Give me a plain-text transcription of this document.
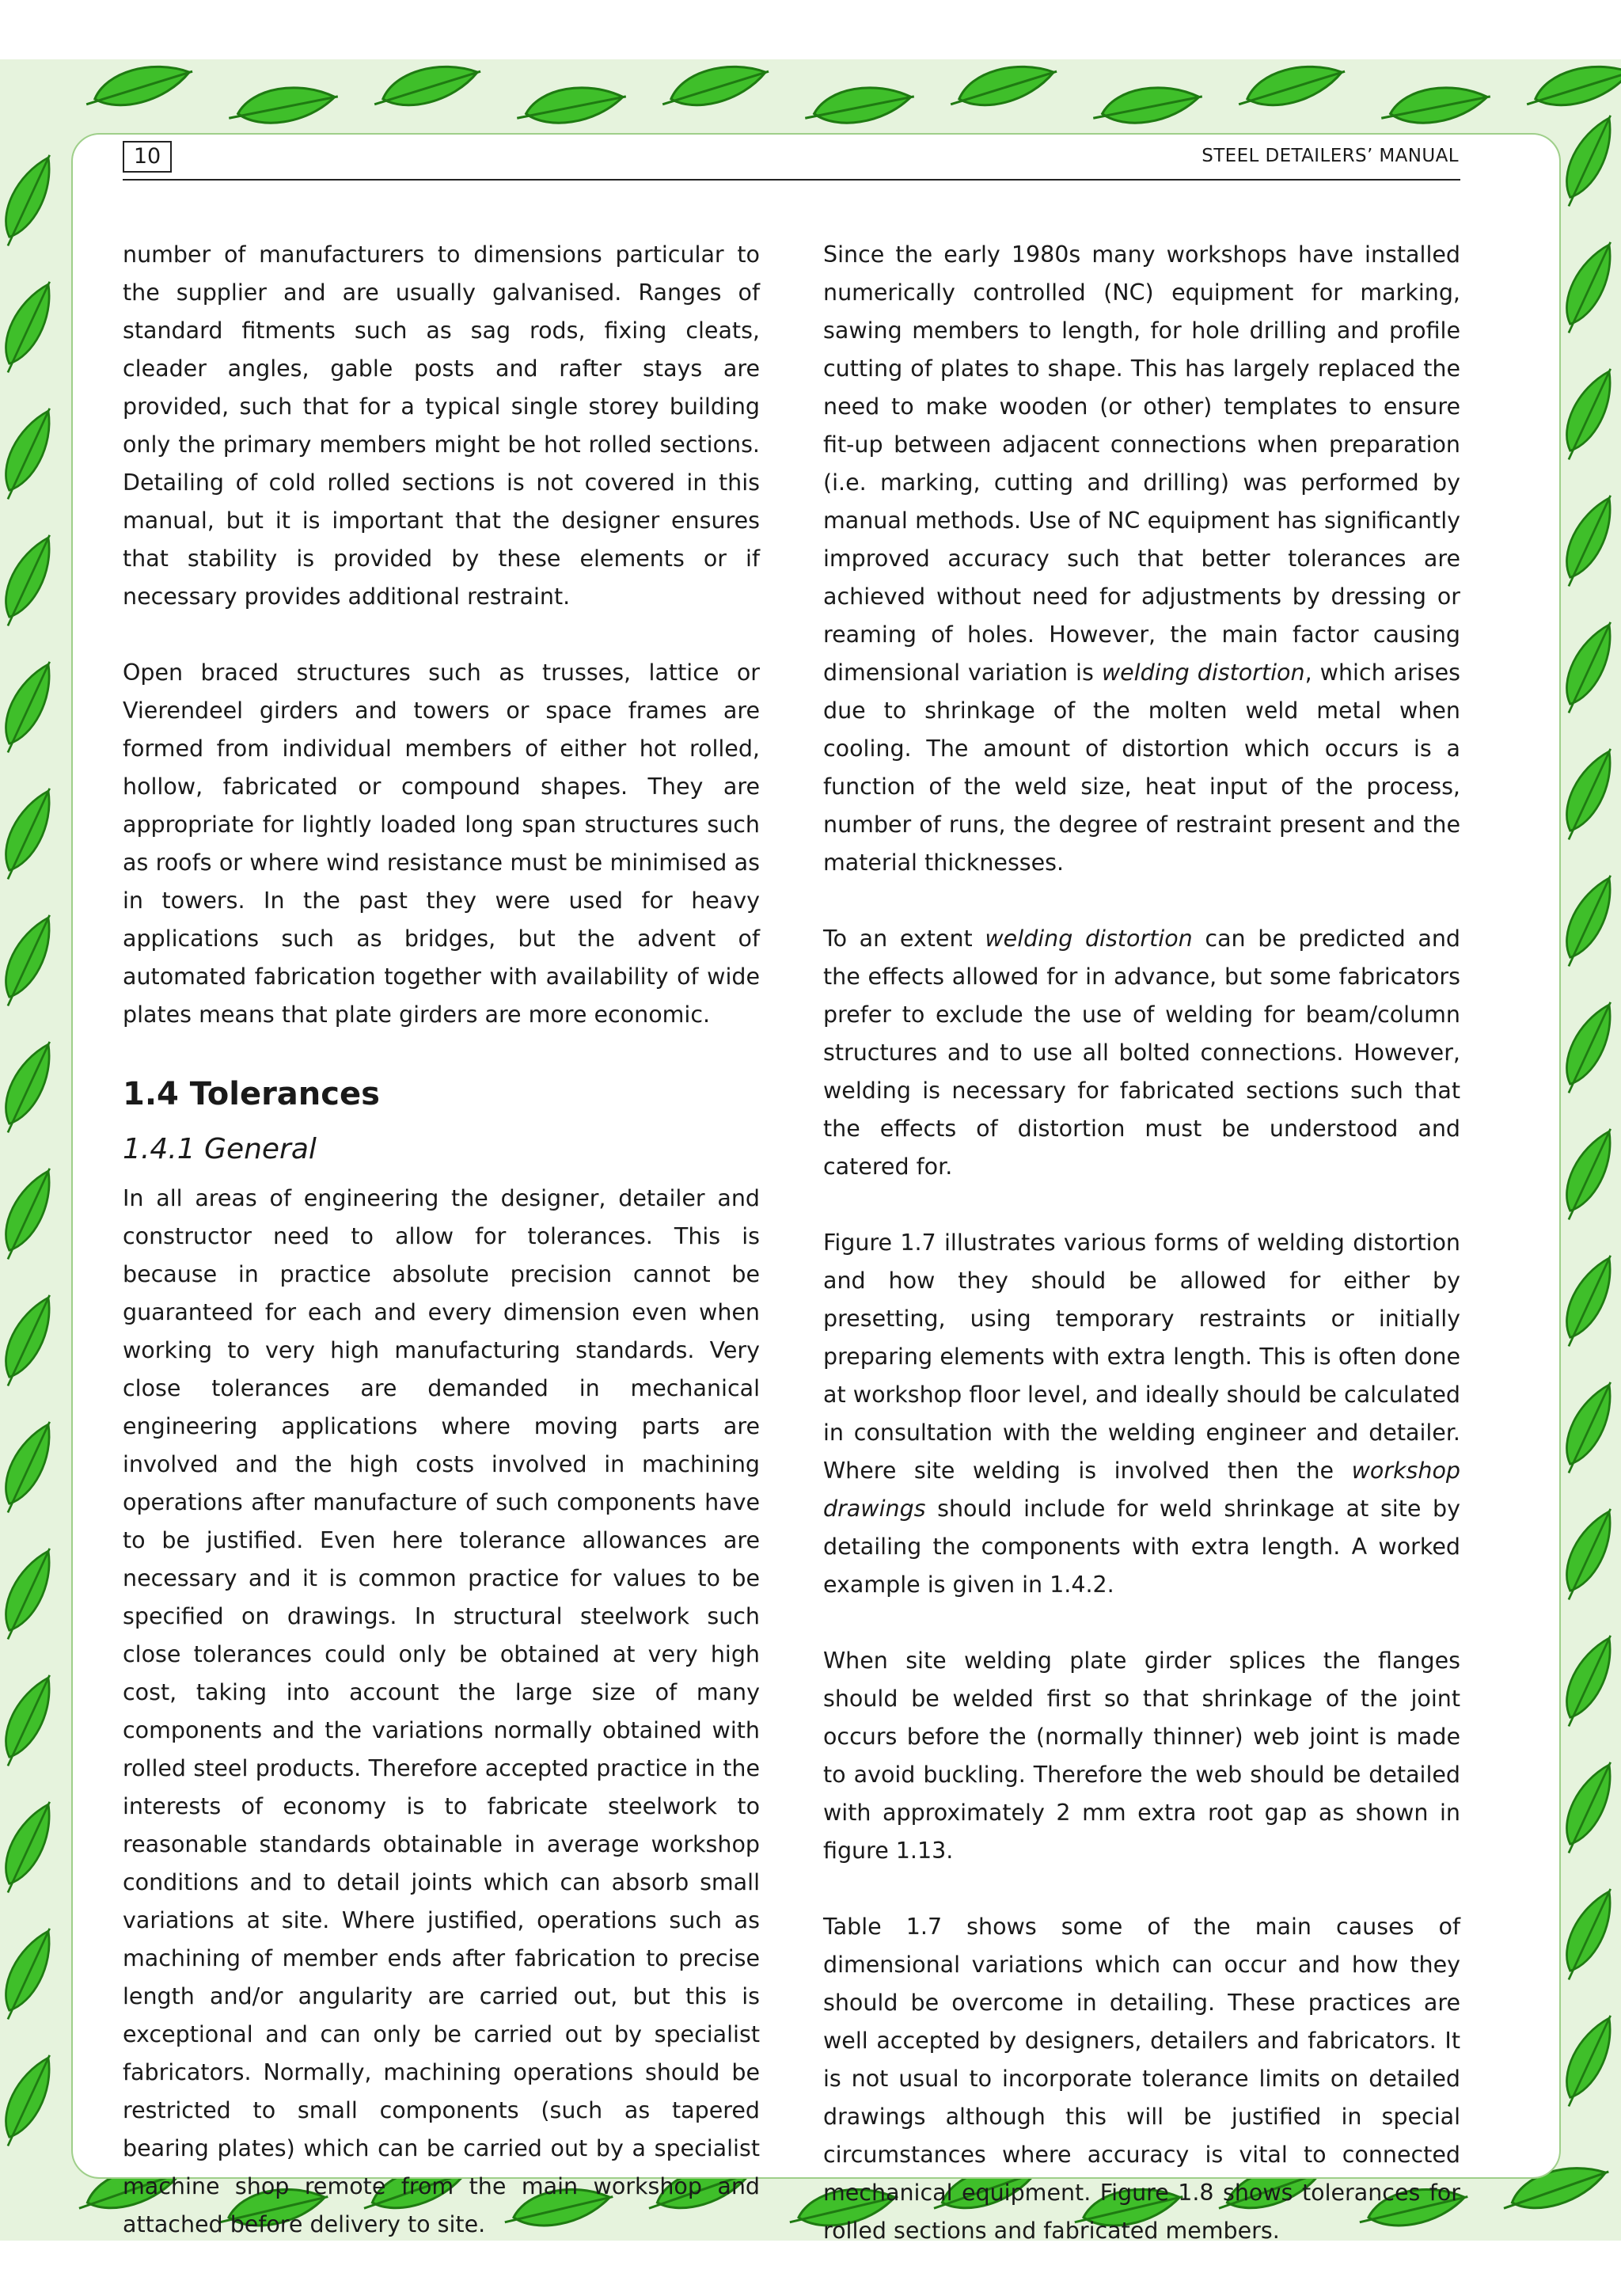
10	STEEL DETAILERS’ MANUAL

number of manufacturers to dimensions particular to the supplier and are usually galvanised. Ranges of standard fitments such as sag rods, fixing cleats, cleader angles, gable posts and rafter stays are provided, such that for a typical single storey building only the primary members might be hot rolled sections. Detailing of cold rolled sections is not covered in this manual, but it is important that the designer ensures that stability is provided by these elements or if necessary provides additional restraint.

Open braced structures such as trusses, lattice or Vierendeel girders and towers or space frames are formed from individual members of either hot rolled, hollow, fabricated or compound shapes. They are appropriate for lightly loaded long span structures such as roofs or where wind resistance must be minimised as in towers. In the past they were used for heavy applications such as bridges, but the advent of automated fabrication together with availability of wide plates means that plate girders are more economic.

1.4 Tolerances
1.4.1 General

In all areas of engineering the designer, detailer and constructor need to allow for tolerances. This is because in practice absolute precision cannot be guaranteed for each and every dimension even when working to very high manufacturing standards. Very close tolerances are demanded in mechanical engineering applications where moving parts are involved and the high costs involved in machining operations after manufacture of such components have to be justified. Even here tolerance allowances are necessary and it is common practice for values to be specified on drawings. In structural steelwork such close tolerances could only be obtained at very high cost, taking into account the large size of many components and the variations normally obtained with rolled steel products. Therefore accepted practice in the interests of economy is to fabricate steelwork to reasonable standards obtainable in average workshop conditions and to detail joints which can absorb small variations at site. Where justified, operations such as machining of member ends after fabrication to precise length and/or angularity are carried out, but this is exceptional and can only be carried out by specialist fabricators. Normally, machining operations should be restricted to small components (such as tapered bearing plates) which can be carried out by a specialist machine shop remote from the main workshop and attached before delivery to site.

Since the early 1980s many workshops have installed numerically controlled (NC) equipment for marking, sawing members to length, for hole drilling and profile cutting of plates to shape. This has largely replaced the need to make wooden (or other) templates to ensure fit-up between adjacent connections when preparation (i.e. marking, cutting and drilling) was performed by manual methods. Use of NC equipment has significantly improved accuracy such that better tolerances are achieved without need for adjustments by dressing or reaming of holes. However, the main factor causing dimensional variation is welding distortion, which arises due to shrinkage of the molten weld metal when cooling. The amount of distortion which occurs is a function of the weld size, heat input of the process, number of runs, the degree of restraint present and the material thicknesses.

To an extent welding distortion can be predicted and the effects allowed for in advance, but some fabricators prefer to exclude the use of welding for beam/column structures and to use all bolted connections. However, welding is necessary for fabricated sections such that the effects of distortion must be understood and catered for.

Figure 1.7 illustrates various forms of welding distortion and how they should be allowed for either by presetting, using temporary restraints or initially preparing elements with extra length. This is often done at workshop floor level, and ideally should be calculated in consultation with the welding engineer and detailer. Where site welding is involved then the workshop drawings should include for weld shrinkage at site by detailing the components with extra length. A worked example is given in 1.4.2.

When site welding plate girder splices the flanges should be welded first so that shrinkage of the joint occurs before the (normally thinner) web joint is made to avoid buckling. Therefore the web should be detailed with approximately 2 mm extra root gap as shown in figure 1.13.

Table 1.7 shows some of the main causes of dimensional variations which can occur and how they should be overcome in detailing. These practices are well accepted by designers, detailers and fabricators. It is not usual to incorporate tolerance limits on detailed drawings although this will be justified in special circumstances where accuracy is vital to connected mechanical equipment. Figure 1.8 shows tolerances for rolled sections and fabricated members.
